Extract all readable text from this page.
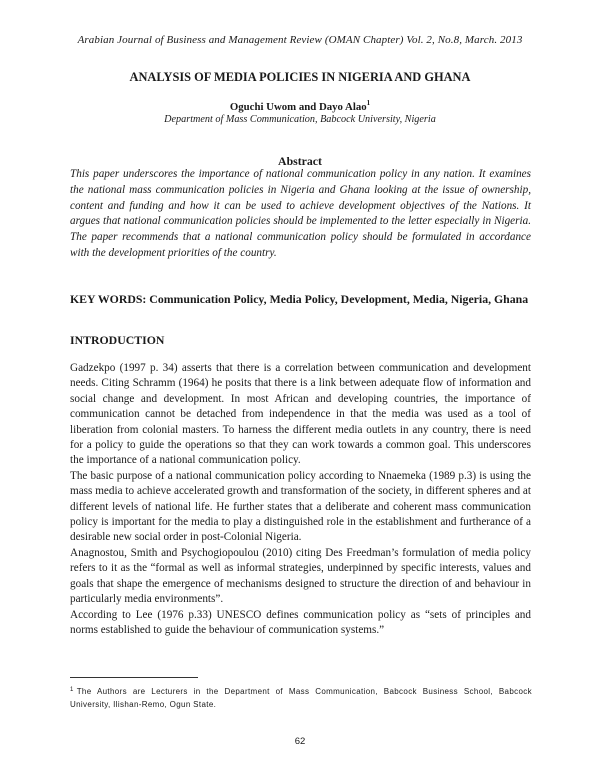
Arabian Journal of Business and Management Review (OMAN Chapter) Vol. 2, No.8, March. 2013
ANALYSIS OF MEDIA POLICIES IN NIGERIA AND GHANA
Oguchi Uwom and Dayo Alao$^1$
Department of Mass Communication, Babcock University, Nigeria
Abstract
This paper underscores the importance of national communication policy in any nation. It examines the national mass communication policies in Nigeria and Ghana looking at the issue of ownership, content and funding and how it can be used to achieve development objectives of the Nations. It argues that national communication policies should be implemented to the letter especially in Nigeria. The paper recommends that a national communication policy should be formulated in accordance with the development priorities of the country.
KEY WORDS: Communication Policy, Media Policy, Development, Media, Nigeria, Ghana
INTRODUCTION

Gadzekpo (1997 p. 34) asserts that there is a correlation between communication and development needs. Citing Schramm (1964) he posits that there is a link between adequate flow of information and social change and development. In most African and developing countries, the importance of communication cannot be detached from independence in that the media was used as a tool of liberation from colonial masters. To harness the different media outlets in any country, there is need for a policy to guide the operations so that they can work towards a common goal. This underscores the importance of a national communication policy.

The basic purpose of a national communication policy according to Nnaemeka (1989 p.3) is using the mass media to achieve accelerated growth and transformation of the society, in different spheres and at different levels of national life. He further states that a deliberate and coherent mass communication policy is important for the media to play a distinguished role in the establishment and furtherance of a desirable new social order in post-Colonial Nigeria.

Anagnostou, Smith and Psychogiopoulou (2010) citing Des Freedman’s formulation of media policy refers to it as the “formal as well as informal strategies, underpinned by specific interests, values and goals that shape the emergence of mechanisms designed to structure the direction of and behaviour in particularly media environments”.

According to Lee (1976 p.33) UNESCO defines communication policy as “sets of principles and norms established to guide the behaviour of communication systems.”

$^1$ The Authors are Lecturers in the Department of Mass Communication, Babcock Business School, Babcock University, Ilishan-Remo, Ogun State.
62
